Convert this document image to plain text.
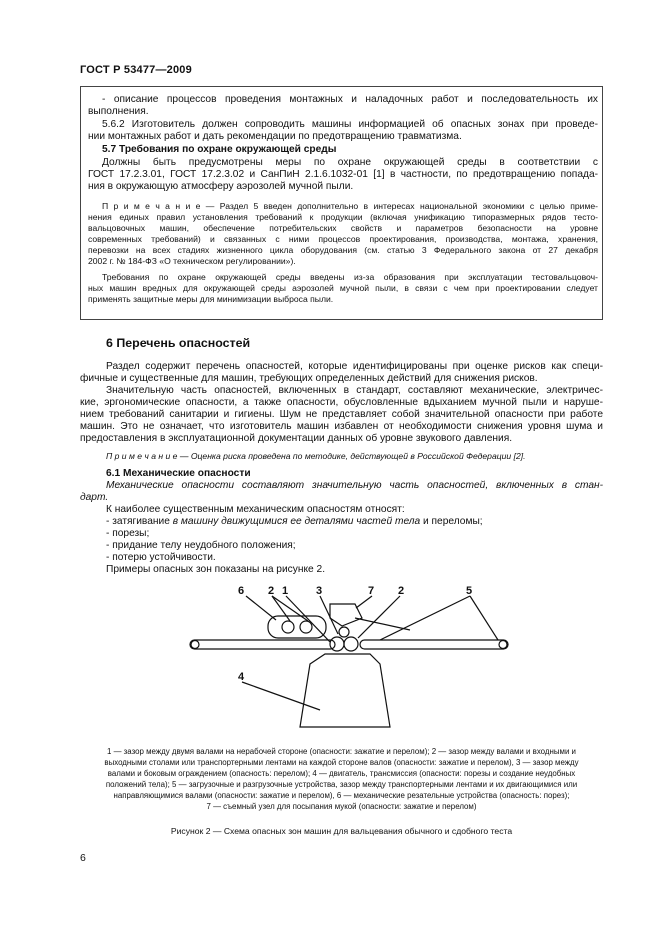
ГОСТ Р 53477—2009
- описание процессов проведения монтажных и наладочных работ и последовательность их
выполнения.
5.6.2 Изготовитель должен сопроводить машины информацией об опасных зонах при проведе-
нии монтажных работ и дать рекомендации по предотвращению травматизма.
5.7 Требования по охране окружающей среды
Должны быть предусмотрены меры по охране окружающей среды в соответствии с
ГОСТ 17.2.3.01, ГОСТ 17.2.3.02 и СанПиН 2.1.6.1032-01 [1] в частности, по предотвращению попада-
ния в окружающую атмосферу аэрозолей мучной пыли.
П р и м е ч а н и е — Раздел 5 введен дополнительно в интересах национальной экономики с целью приме-
нения единых правил установления требований к продукции (включая унификацию типоразмерных рядов тесто-
вальцовочных машин, обеспечение потребительских свойств и параметров безопасности на уровне
современных требований) и связанных с ними процессов проектирования, производства, монтажа, хранения,
перевозки на всех стадиях жизненного цикла оборудования (см. статью 3 Федерального закона от 27 декабря
2002 г. № 184-ФЗ «О техническом регулировании»).
Требования по охране окружающей среды введены из-за образования при эксплуатации тестовальцовоч-
ных машин вредных для окружающей среды аэрозолей мучной пыли, в связи с чем при проектировании следует
применять защитные меры для минимизации выброса пыли.
6 Перечень опасностей
Раздел содержит перечень опасностей, которые идентифицированы при оценке рисков как специ-
фичные и существенные для машин, требующих определенных действий для снижения рисков.
Значительную часть опасностей, включенных в стандарт, составляют механические, электричес-
кие, эргономические опасности, а также опасности, обусловленные вдыханием мучной пыли и наруше-
нием требований санитарии и гигиены. Шум не представляет собой значительной опасности при работе
машин. Это не означает, что изготовитель машин избавлен от необходимости снижения уровня шума и
предоставления в эксплуатационной документации данных об уровне звукового давления.
П р и м е ч а н и е — Оценка риска проведена по методике, действующей в Российской Федерации [2].
6.1 Механические опасности
Механические опасности составляют значительную часть опасностей, включенных в стан-
дарт.
К наиболее существенным механическим опасностям относят:
- затягивание в машину движущимися ее деталями частей тела и переломы;
- порезы;
- придание телу неудобного положения;
- потерю устойчивости.
Примеры опасных зон показаны на рисунке 2.
6 2 1	3	7 2	5
4
1 — зазор между двумя валами на нерабочей стороне (опасности: зажатие и перелом); 2 — зазор между валами и входными и
выходными столами или транспортерными лентами на каждой стороне валов (опасности: зажатие и перелом), 3 — зазор между
валами и боковым ограждением (опасность: перелом); 4 — двигатель, трансмиссия (опасности: порезы и создание неудобных
положений тела); 5 — загрузочные и разгрузочные устройства, зазор между транспортерными лентами и их двигающимися или
направляющимися валами (опасности: зажатие и перелом), 6 — механические резательные устройства (опасность: порез);
7 — съемный узел для посыпания мукой (опасности: зажатие и перелом)
Рисунок 2 — Схема опасных зон машин для вальцевания обычного и сдобного теста
6
